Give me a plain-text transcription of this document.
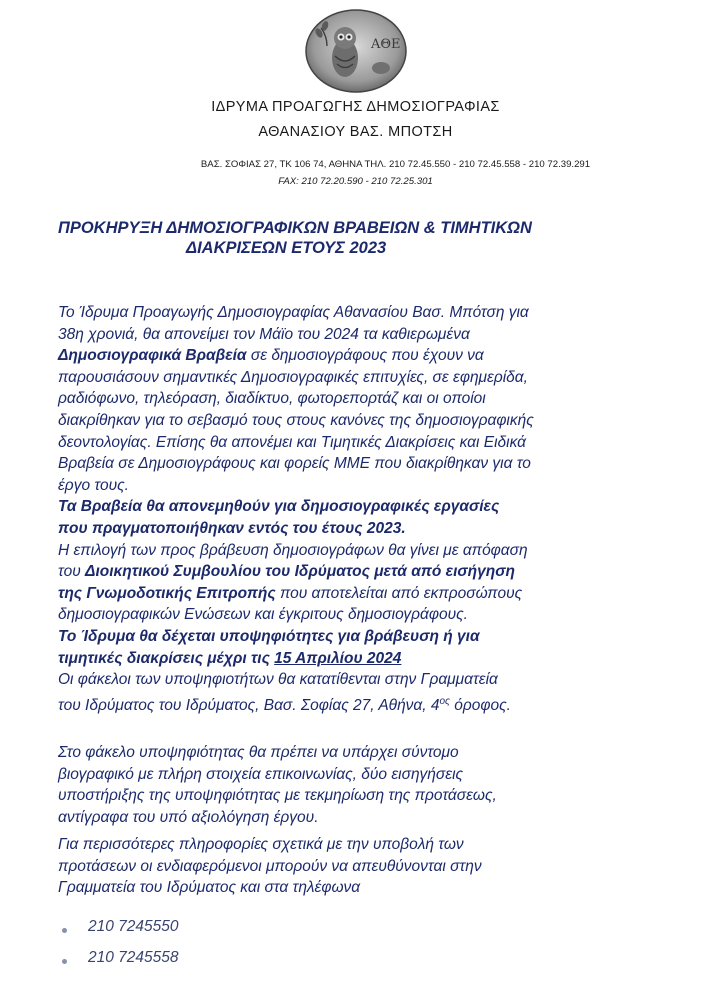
ΑΘΕ
ΙΔΡΥΜΑ ΠΡΟΑΓΩΓΗΣ ΔΗΜΟΣΙΟΓΡΑΦΙΑΣ
ΑΘΑΝΑΣΙΟΥ ΒΑΣ. ΜΠΟΤΣΗ
ΒΑΣ. ΣΟΦΙΑΣ 27, ΤΚ 106 74, ΑΘΗΝΑ ΤΗΛ. 210 72.45.550 - 210 72.45.558 - 210 72.39.291
FAX: 210 72.20.590 - 210 72.25.301
ΠΡΟΚΗΡΥΞΗ ΔΗΜΟΣΙΟΓΡΑΦΙΚΩΝ ΒΡΑΒΕΙΩΝ & ΤΙΜΗΤΙΚΩΝ
ΔΙΑΚΡΙΣΕΩΝ ΕΤΟΥΣ 2023
Το Ίδρυμα Προαγωγής Δημοσιογραφίας Αθανασίου Βασ. Μπότση για
38η χρονιά, θα απονείμει τον Μάϊο του 2024 τα καθιερωμένα
Δημοσιογραφικά Βραβεία σε δημοσιογράφους που έχουν να
παρουσιάσουν σημαντικές Δημοσιογραφικές επιτυχίες, σε εφημερίδα,
ραδιόφωνο, τηλεόραση, διαδίκτυο, φωτορεπορτάζ και οι οποίοι
διακρίθηκαν για το σεβασμό τους στους κανόνες της δημοσιογραφικής
δεοντολογίας. Επίσης θα απονέμει και Τιμητικές Διακρίσεις και Ειδικά
Βραβεία σε Δημοσιογράφους και φορείς ΜΜΕ που διακρίθηκαν για το
έργο τους.
Τα Βραβεία θα απονεμηθούν για δημοσιογραφικές εργασίες
που πραγματοποιήθηκαν εντός του έτους 2023.
Η επιλογή των προς βράβευση δημοσιογράφων θα γίνει με απόφαση
του Διοικητικού Συμβουλίου του Ιδρύματος μετά από εισήγηση
της Γνωμοδοτικής Επιτροπής που αποτελείται από εκπροσώπους
δημοσιογραφικών Ενώσεων και έγκριτους δημοσιογράφους.
Το Ίδρυμα θα δέχεται υποψηφιότητες για βράβευση ή για
τιμητικές διακρίσεις μέχρι τις 15 Απριλίου 2024
Οι φάκελοι των υποψηφιοτήτων θα κατατίθενται στην Γραμματεία
του Ιδρύματος του Ιδρύματος, Βασ. Σοφίας 27, Αθήνα, $4^{o\varsigma}$ όροφος.
Στο φάκελο υποψηφιότητας θα πρέπει να υπάρχει σύντομο
βιογραφικό με πλήρη στοιχεία επικοινωνίας, δύο εισηγήσεις
υποστήριξης της υποψηφιότητας με τεκμηρίωση της προτάσεως,
αντίγραφα του υπό αξιολόγηση έργου.
Για περισσότερες πληροφορίες σχετικά με την υποβολή των
προτάσεων οι ενδιαφερόμενοι μπορούν να απευθύνονται στην
Γραμματεία του Ιδρύματος και στα τηλέφωνα
210 7245550
210 7245558
